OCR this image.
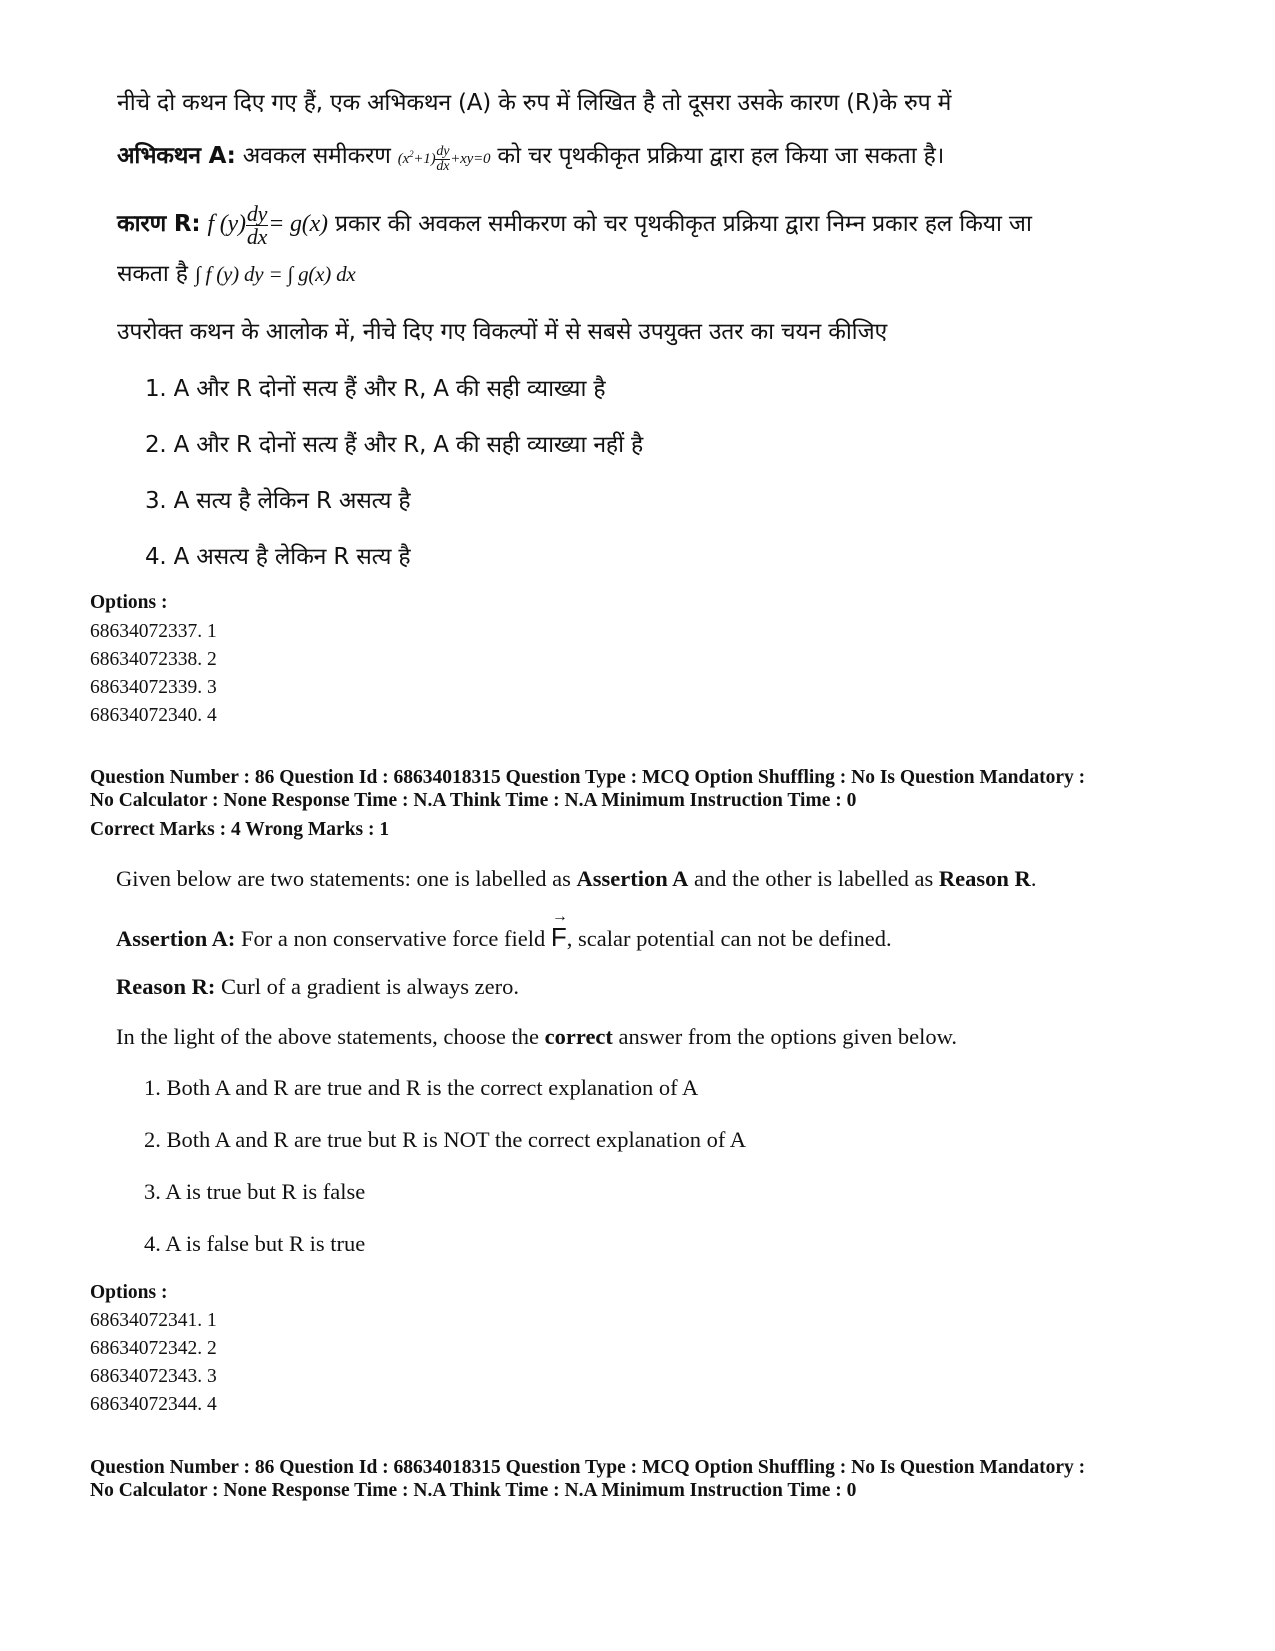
नीचे दो कथन दिए गए हैं, एक अभिकथन (A) के रुप में लिखित है तो दूसरा उसके कारण (R)के रुप में
अभिकथन A: अवकल समीकरण $(x^2+1) \frac{dy}{dx} +xy=0$ को चर पृथकीकृत प्रक्रिया द्वारा हल किया जा सकता है।
कारण R: f $(y) \frac{dy}{dx} = g(x)$ प्रकार की अवकल समीकरण को चर पृथकीकृत प्रक्रिया द्वारा निम्न प्रकार हल किया जा
सकता है ∫ f (y) dy = ∫ g(x) dx
उपरोक्त कथन के आलोक में, नीचे दिए गए विकल्पों में से सबसे उपयुक्त उतर का चयन कीजिए
1. A और R दोनों सत्य हैं और R, A की सही व्याख्या है
2. A और R दोनों सत्य हैं और R, A की सही व्याख्या नहीं है
3. A सत्य है लेकिन R असत्य है
4. A असत्य है लेकिन R सत्य है
Options :
68634072337. 1
68634072338. 2
68634072339. 3
68634072340. 4
Question Number : 86 Question Id : 68634018315 Question Type : MCQ Option Shuffling : No Is Question Mandatory :
No Calculator : None Response Time : N.A Think Time : N.A Minimum Instruction Time : 0
Correct Marks : 4 Wrong Marks : 1
Given below are two statements: one is labelled as Assertion A and the other is labelled as Reason R.
Assertion A: For a non conservative force field
→
F, scalar potential can not be defined.
Reason R: Curl of a gradient is always zero.
In the light of the above statements, choose the correct answer from the options given below.
1. Both A and R are true and R is the correct explanation of A
2. Both A and R are true but R is NOT the correct explanation of A
3. A is true but R is false
4. A is false but R is true
Options :
68634072341. 1
68634072342. 2
68634072343. 3
68634072344. 4
Question Number : 86 Question Id : 68634018315 Question Type : MCQ Option Shuffling : No Is Question Mandatory :
No Calculator : None Response Time : N.A Think Time : N.A Minimum Instruction Time : 0
